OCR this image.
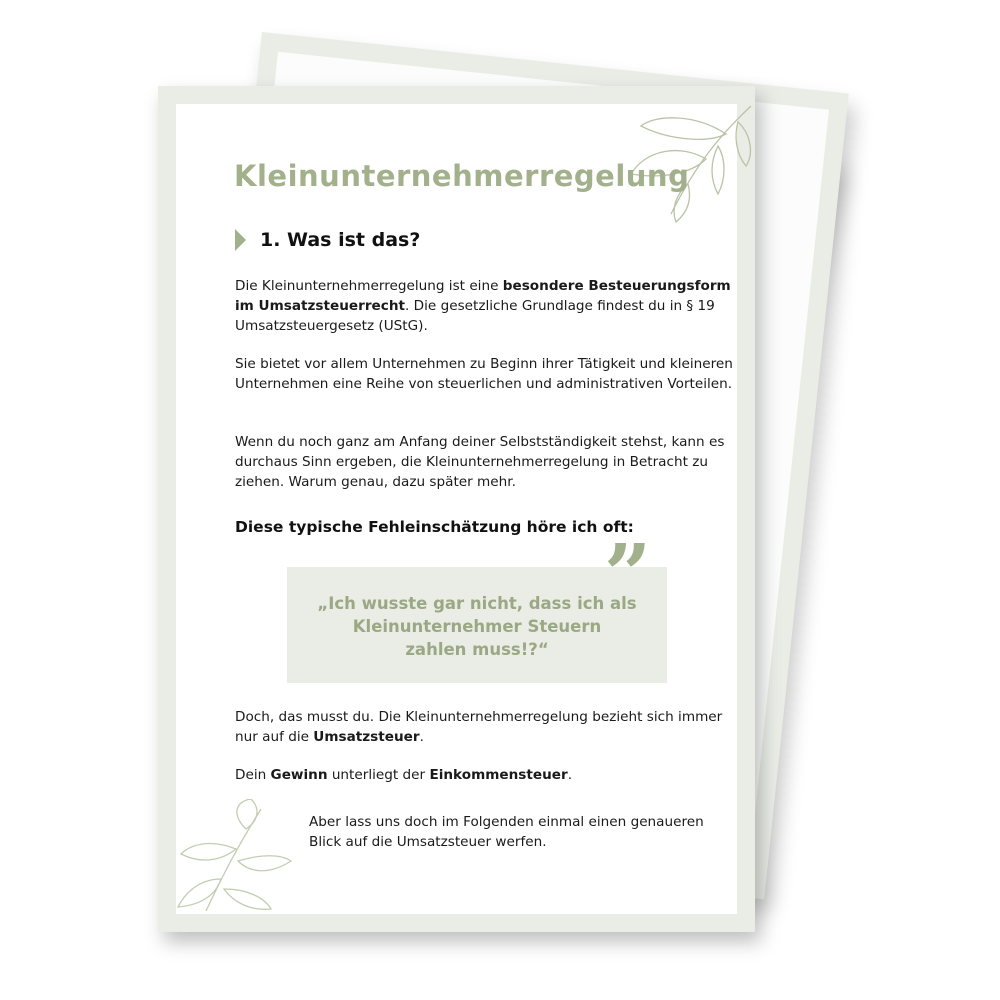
Kleinunternehmerregelung
1. Was ist das?
Die Kleinunternehmerregelung ist eine besondere Besteuerungsform im Umsatzsteuerrecht. Die gesetzliche Grundlage findest du in § 19 Umsatzsteuergesetz (UStG).
Sie bietet vor allem Unternehmen zu Beginn ihrer Tätigkeit und kleineren Unternehmen eine Reihe von steuerlichen und administrativen Vorteilen.
Wenn du noch ganz am Anfang deiner Selbstständigkeit stehst, kann es durchaus Sinn ergeben, die Kleinunternehmerregelung in Betracht zu ziehen. Warum genau, dazu später mehr.
Diese typische Fehleinschätzung höre ich oft:
”
„Ich wusste gar nicht, dass ich als
Kleinunternehmer Steuern
zahlen muss!?“
Doch, das musst du. Die Kleinunternehmerregelung bezieht sich immer nur auf die Umsatzsteuer.
Dein Gewinn unterliegt der Einkommensteuer.
Aber lass uns doch im Folgenden einmal einen genaueren Blick auf die Umsatzsteuer werfen.
